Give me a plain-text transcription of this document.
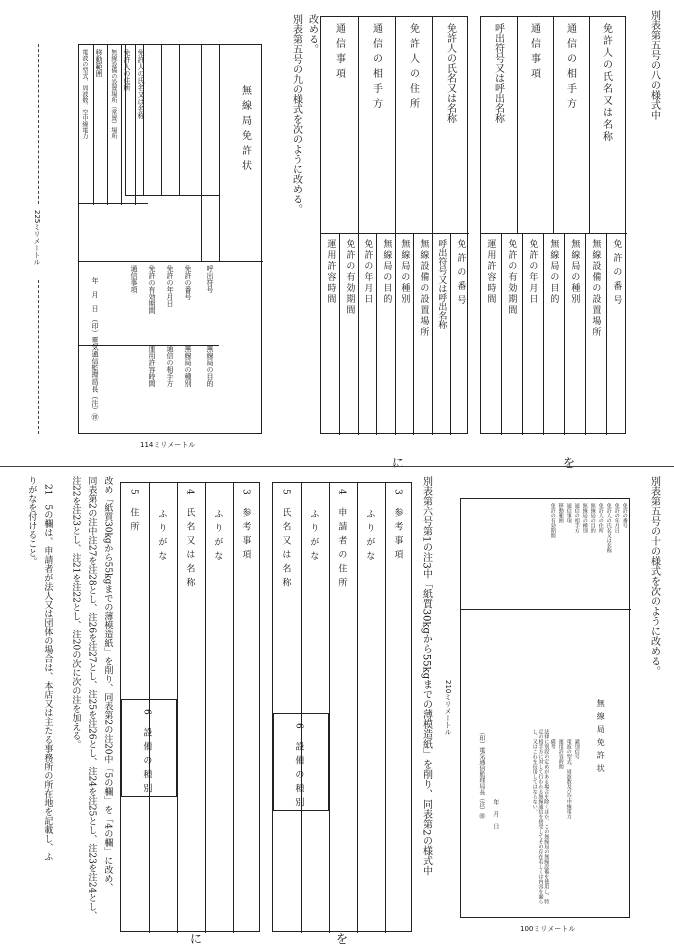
別表第五号の八の様式中
免許人の氏名又は名称
通信の相手方
通信事項
呼出符号又は呼出名称
免許の番号
無線設備の設置場所
無線局の種別
無線局の目的
免許の年月日
免許の有効期間
運用許容時間
を
免許人の氏名又は名称
免許人の住所
通信の相手方
通信事項
免許の番号
呼出符号又は呼出名称
無線設備の設置場所
無線局の種別
無線局の目的
免許の年月日
免許の有効期間
運用許容時間
に
改める。
別表第五号の九の様式を次のように改める。
無線局免許状
呼出符号
無線局の目的
免許の番号
無線局の種別
免許の年月日
通信の相手方
免許の有効期間
運用許容時間
通信事項
年　月　日　（印）電気通信監理局長（注）㊞
免許人の氏名又は名称
免許人の住所
無線設備の設置場所（常置）場所
移動範囲
電波の型式、周波数、空中線電力
225ミリメートル
114ミリメートル
別表第五号の十の様式を次のように改める。
免許の番号
免許の年月日
免許人の氏名又は名称
免許人の住所
無線局の目的
無線局の種別
通信の相手方
通信事項
移動範囲
免許の有効期間
無線局免許状
識別信号
電波の型式、周波数及び空中線電力
運用許容時間
備考
法律に別段の定めがある場合を除くほか、この無線局の無線設備を使用し、特定の相手方に対して行われる無線通信を傍受してその存在若しくは内容を漏らし、又はこれを窃用してはならない。
年　月　日
（印）電気通信監理局長（注）㊞
210ミリメートル
100ミリメートル
別表第六号第1の注3中「紙質30kgから55kgまでの薄模造紙」を削り、同表第2の様式中
3 参考事項
ふりがな
4 申請者の住所
ふりがな
5 氏名又は名称
6 設備の種別
を
3 参考事項
ふりがな
4 氏名又は名称
ふりがな
5 住所
6 設備の種別
に
改め「紙質30kgから55kgまでの薄模造紙」を削り、同表第2の注20中「5の欄」を「4の欄」に改め、
同表第2の注中注27を注28とし、注26を注27とし、注25を注26とし、注24を注25とし、注23を注24とし、
注22を注23とし、注21を注22とし、注20の次に次の注を加える。
21　5の欄は、申請者が法人又は団体の場合は、本店又は主たる事務所の所在地を記載し、ふ
りがなを付けること。
